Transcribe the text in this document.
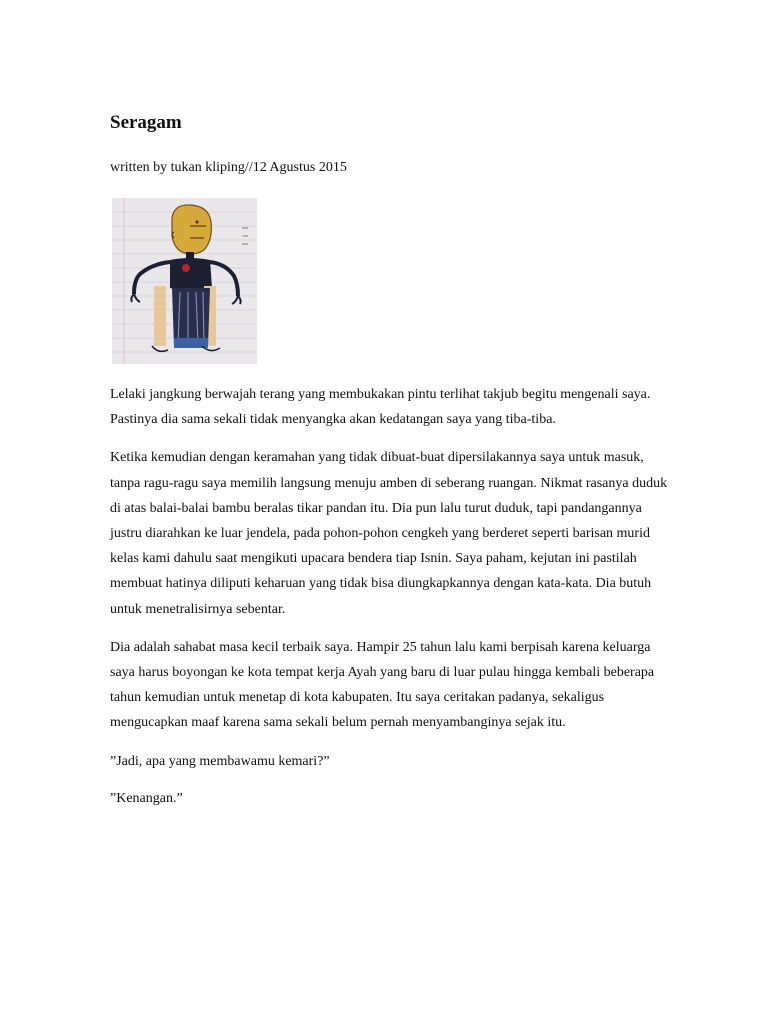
Seragam

written by tukan kliping//12 Agustus 2015

Lelaki jangkung berwajah terang yang membukakan pintu terlihat takjub begitu mengenali saya. Pastinya dia sama sekali tidak menyangka akan kedatangan saya yang tiba-tiba.

Ketika kemudian dengan keramahan yang tidak dibuat-buat dipersilakannya saya untuk masuk, tanpa ragu-ragu saya memilih langsung menuju amben di seberang ruangan. Nikmat rasanya duduk di atas balai-balai bambu beralas tikar pandan itu. Dia pun lalu turut duduk, tapi pandangannya justru diarahkan ke luar jendela, pada pohon-pohon cengkeh yang berderet seperti barisan murid kelas kami dahulu saat mengikuti upacara bendera tiap Isnin. Saya paham, kejutan ini pastilah membuat hatinya diliputi keharuan yang tidak bisa diungkapkannya dengan kata-kata. Dia butuh untuk menetralisirnya sebentar.

Dia adalah sahabat masa kecil terbaik saya. Hampir 25 tahun lalu kami berpisah karena keluarga saya harus boyongan ke kota tempat kerja Ayah yang baru di luar pulau hingga kembali beberapa tahun kemudian untuk menetap di kota kabupaten. Itu saya ceritakan padanya, sekaligus mengucapkan maaf karena sama sekali belum pernah menyambanginya sejak itu.

”Jadi, apa yang membawamu kemari?”

”Kenangan.”
